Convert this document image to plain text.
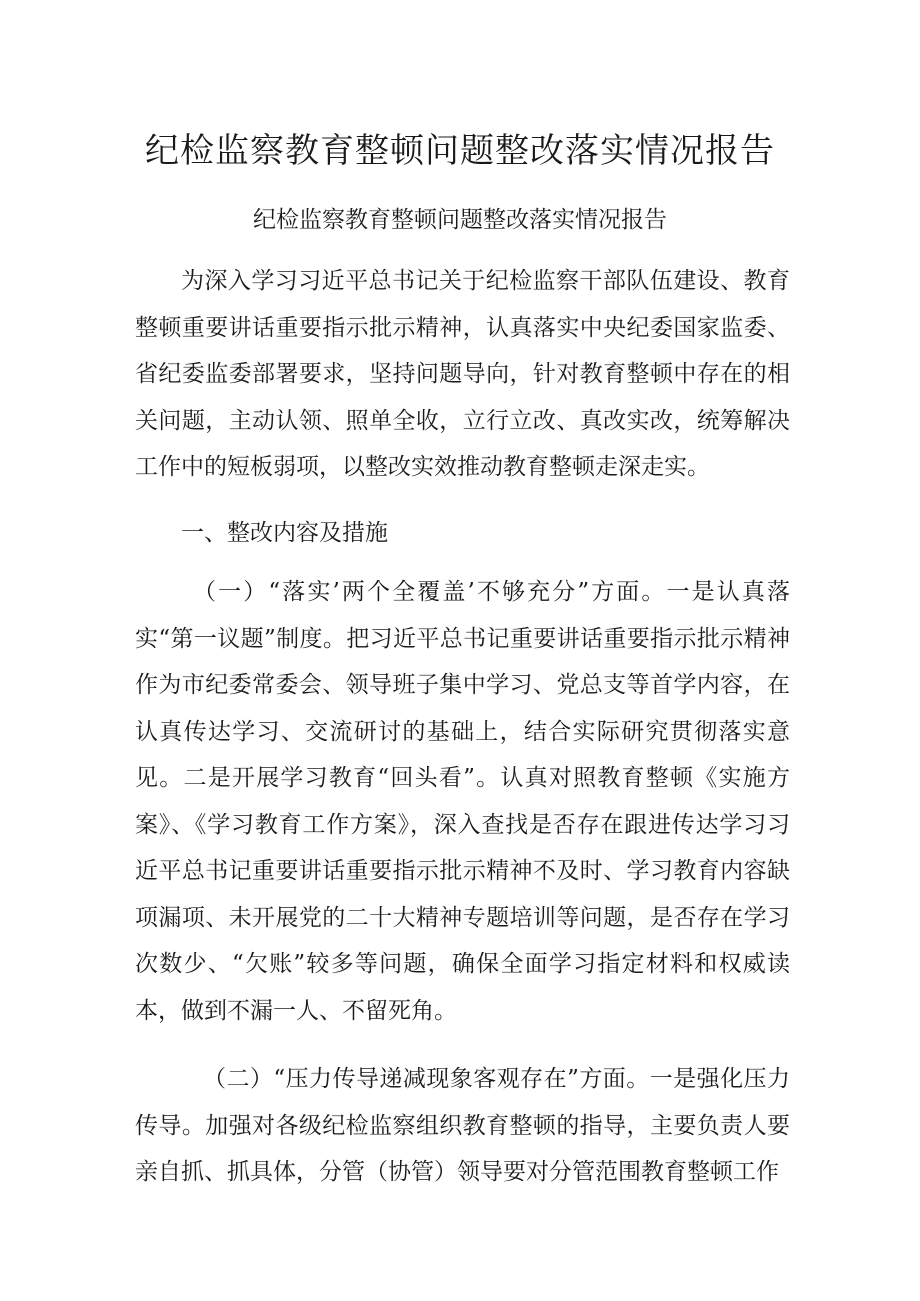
纪检监察教育整顿问题整改落实情况报告
纪检监察教育整顿问题整改落实情况报告

为深入学习习近平总书记关于纪检监察干部队伍建设、教育整顿重要讲话重要指示批示精神，认真落实中央纪委国家监委、省纪委监委部署要求，坚持问题导向，针对教育整顿中存在的相关问题，主动认领、照单全收，立行立改、真改实改，统筹解决工作中的短板弱项，以整改实效推动教育整顿走深走实。

一、整改内容及措施

（一）“落实’两个全覆盖’不够充分”方面。一是认真落实“第一议题”制度。把习近平总书记重要讲话重要指示批示精神作为市纪委常委会、领导班子集中学习、党总支等首学内容，在认真传达学习、交流研讨的基础上，结合实际研究贯彻落实意见。二是开展学习教育“回头看”。认真对照教育整顿《实施方案》、《学习教育工作方案》，深入查找是否存在跟进传达学习习近平总书记重要讲话重要指示批示精神不及时、学习教育内容缺项漏项、未开展党的二十大精神专题培训等问题，是否存在学习次数少、“欠账”较多等问题，确保全面学习指定材料和权威读本，做到不漏一人、不留死角。

（二）“压力传导递减现象客观存在”方面。一是强化压力传导。加强对各级纪检监察组织教育整顿的指导，主要负责人要亲自抓、抓具体，分管（协管）领导要对分管范围教育整顿工作
